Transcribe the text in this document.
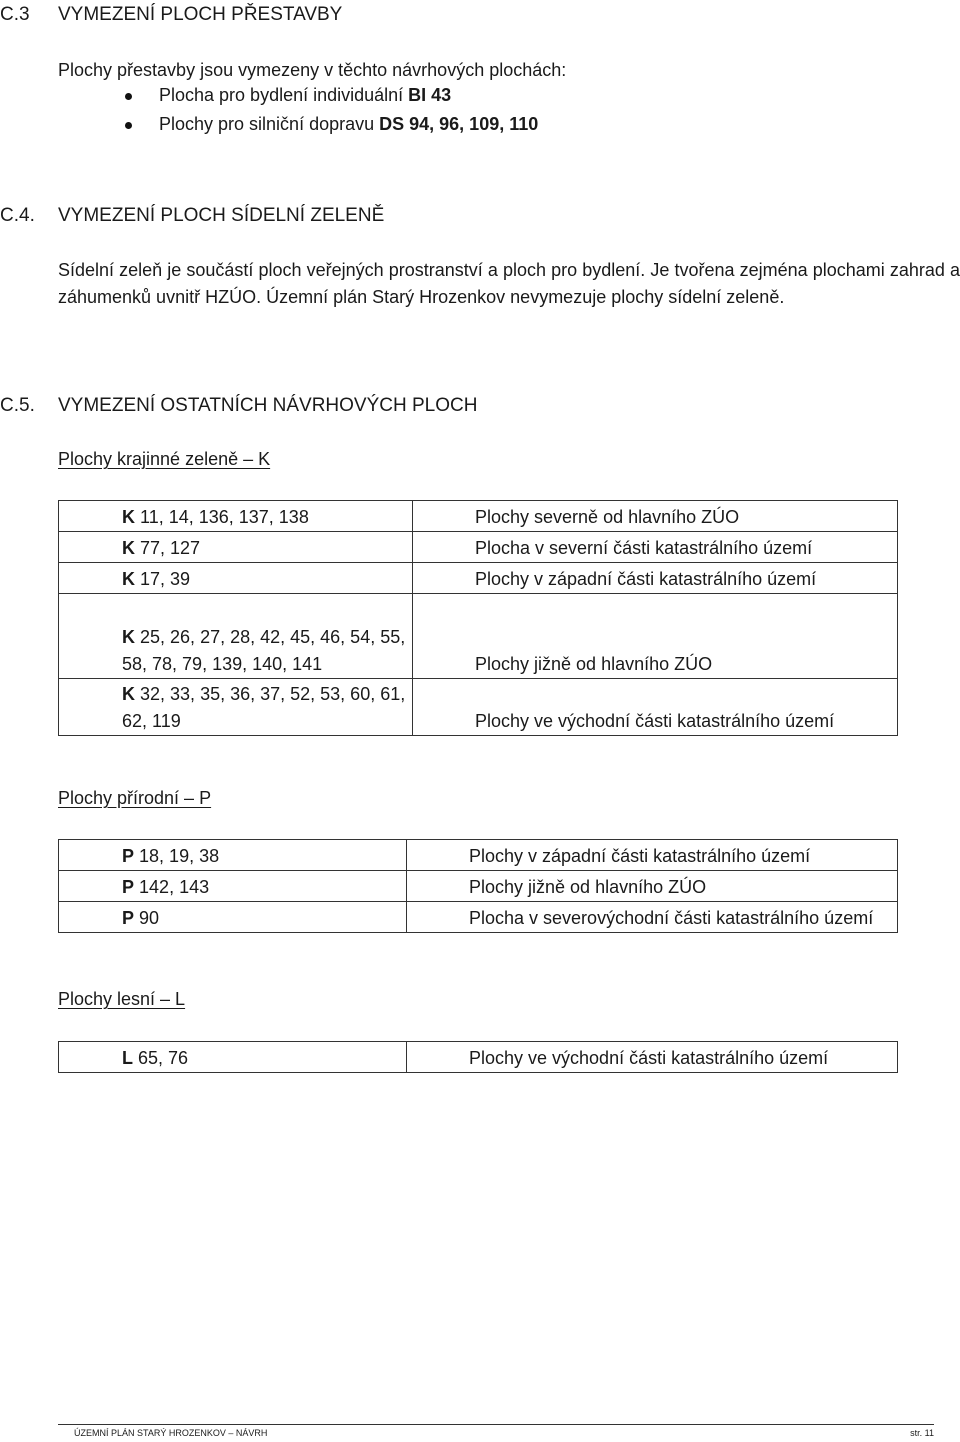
C.3 VYMEZENÍ PLOCH PŘESTAVBY
Plochy přestavby jsou vymezeny v těchto návrhových plochách:
Plocha pro bydlení individuální BI 43
Plochy pro silniční dopravu DS 94, 96, 109, 110
C.4. VYMEZENÍ PLOCH SÍDELNÍ ZELENĚ
Sídelní zeleň je součástí ploch veřejných prostranství a ploch pro bydlení. Je tvořena zejména plochami zahrad a záhumenků uvnitř HZÚO. Územní plán Starý Hrozenkov nevymezuje plochy sídelní zeleně.
C.5. VYMEZENÍ OSTATNÍCH NÁVRHOVÝCH PLOCH
Plochy krajinné zeleně – K
K 11, 14, 136, 137, 138	Plochy severně od hlavního ZÚO
K 77, 127	Plocha v severní části katastrálního území
K 17, 39	Plochy v západní části katastrálního území
K 25, 26, 27, 28, 42, 45, 46, 54, 55, 58, 78, 79, 139, 140, 141	Plochy jižně od hlavního ZÚO
K 32, 33, 35, 36, 37, 52, 53, 60, 61, 62, 119	Plochy ve východní části katastrálního území
Plochy přírodní – P
P 18, 19, 38	Plochy v západní části katastrálního území
P 142, 143	Plochy jižně od hlavního ZÚO
P 90	Plocha v severovýchodní části katastrálního území
Plochy lesní – L
L 65, 76	Plochy ve východní části katastrálního území
ÚZEMNÍ PLÁN STARÝ HROZENKOV – NÁVRH	str. 11
